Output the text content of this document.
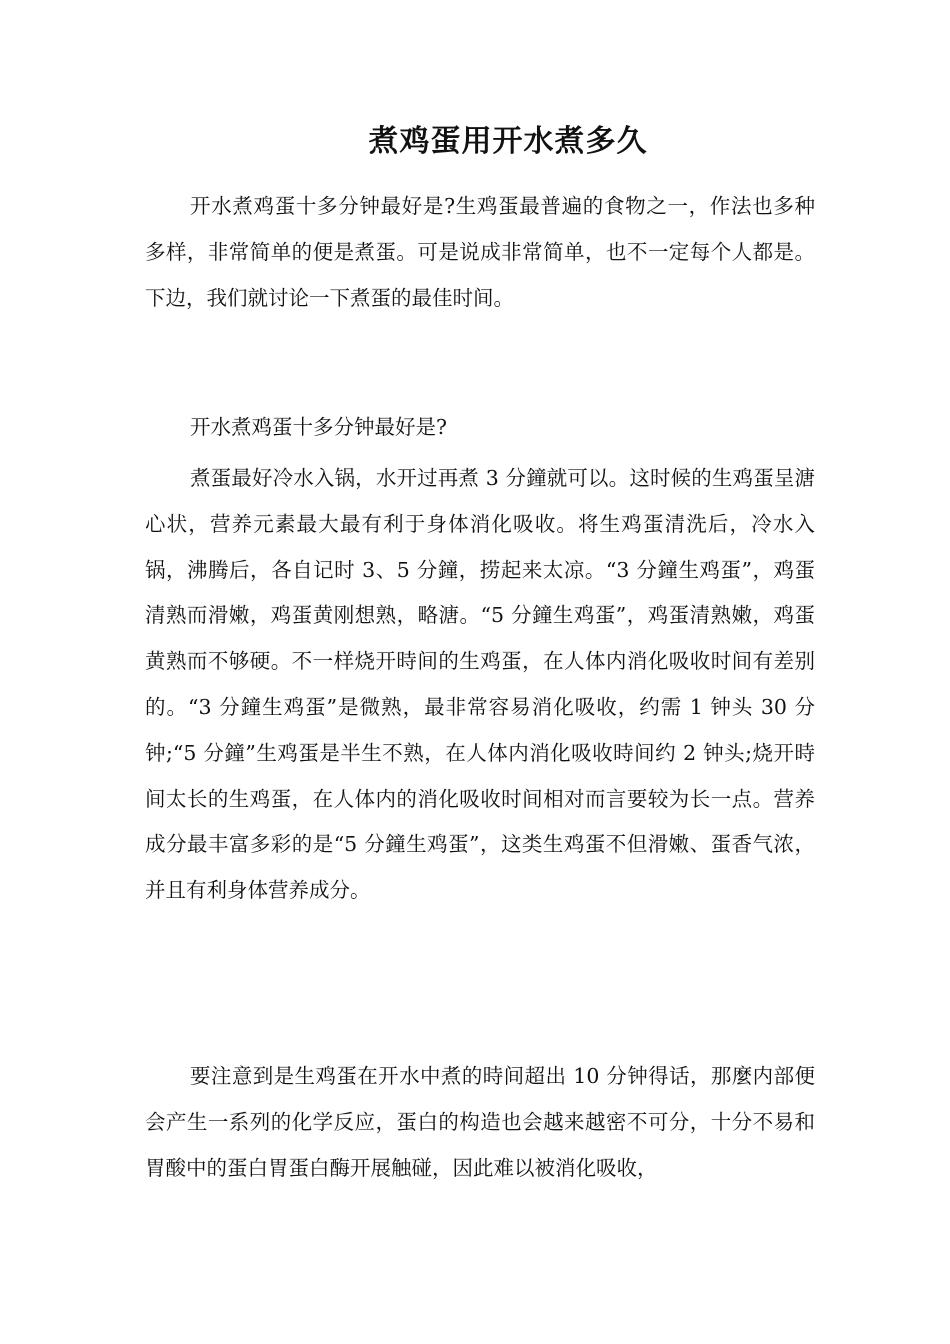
煮鸡蛋用开水煮多久

开水煮鸡蛋十多分钟最好是?生鸡蛋最普遍的食物之一，作法也多种多样，非常简单的便是煮蛋。可是说成非常简单，也不一定每个人都是。下边，我们就讨论一下煮蛋的最佳时间。

开水煮鸡蛋十多分钟最好是?

煮蛋最好冷水入锅，水开过再煮 3 分鐘就可以。这时候的生鸡蛋呈溏心状，营养元素最大最有利于身体消化吸收。将生鸡蛋清洗后，冷水入锅，沸腾后，各自记时 3、5 分鐘，捞起来太凉。“3 分鐘生鸡蛋”，鸡蛋清熟而滑嫩，鸡蛋黄刚想熟，略溏。“5 分鐘生鸡蛋”，鸡蛋清熟嫩，鸡蛋黄熟而不够硬。不一样烧开時间的生鸡蛋，在人体内消化吸收时间有差别的。“3 分鐘生鸡蛋”是微熟，最非常容易消化吸收，约需 1 钟头 30 分钟;“5 分鐘”生鸡蛋是半生不熟，在人体内消化吸收時间约 2 钟头;烧开時间太长的生鸡蛋，在人体内的消化吸收时间相对而言要较为长一点。营养成分最丰富多彩的是“5 分鐘生鸡蛋”，这类生鸡蛋不但滑嫩、蛋香气浓，并且有利身体营养成分。

要注意到是生鸡蛋在开水中煮的時间超出 10 分钟得话，那麼内部便会产生一系列的化学反应，蛋白的构造也会越来越密不可分，十分不易和胃酸中的蛋白胃蛋白酶开展触碰，因此难以被消化吸收，
